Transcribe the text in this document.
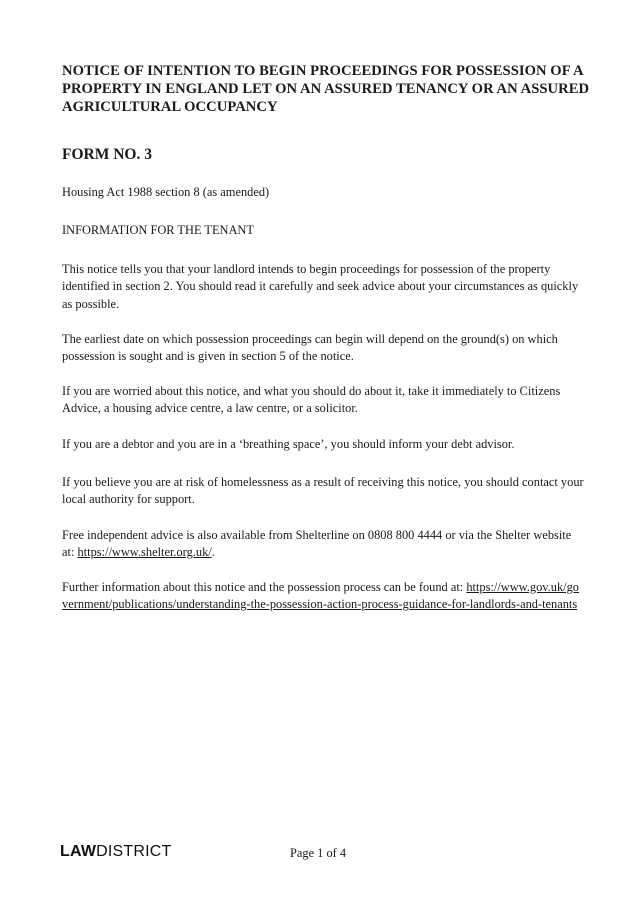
NOTICE OF INTENTION TO BEGIN PROCEEDINGS FOR POSSESSION OF A PROPERTY IN ENGLAND LET ON AN ASSURED TENANCY OR AN ASSURED AGRICULTURAL OCCUPANCY
FORM NO. 3

Housing Act 1988 section 8 (as amended)

INFORMATION FOR THE TENANT

This notice tells you that your landlord intends to begin proceedings for possession of the property identified in section 2. You should read it carefully and seek advice about your circumstances as quickly as possible.

The earliest date on which possession proceedings can begin will depend on the ground(s) on which possession is sought and is given in section 5 of the notice.

If you are worried about this notice, and what you should do about it, take it immediately to Citizens Advice, a housing advice centre, a law centre, or a solicitor.

If you are a debtor and you are in a ‘breathing space’, you should inform your debt advisor.

If you believe you are at risk of homelessness as a result of receiving this notice, you should contact your local authority for support.

Free independent advice is also available from Shelterline on 0808 800 4444 or via the Shelter website at: https://www.shelter.org.uk/.

Further information about this notice and the possession process can be found at: https://www.gov.uk/government/publications/understanding-the-possession-action-process-guidance-for-landlords-and-tenants

LAWDISTRICT	Page 1 of 4
